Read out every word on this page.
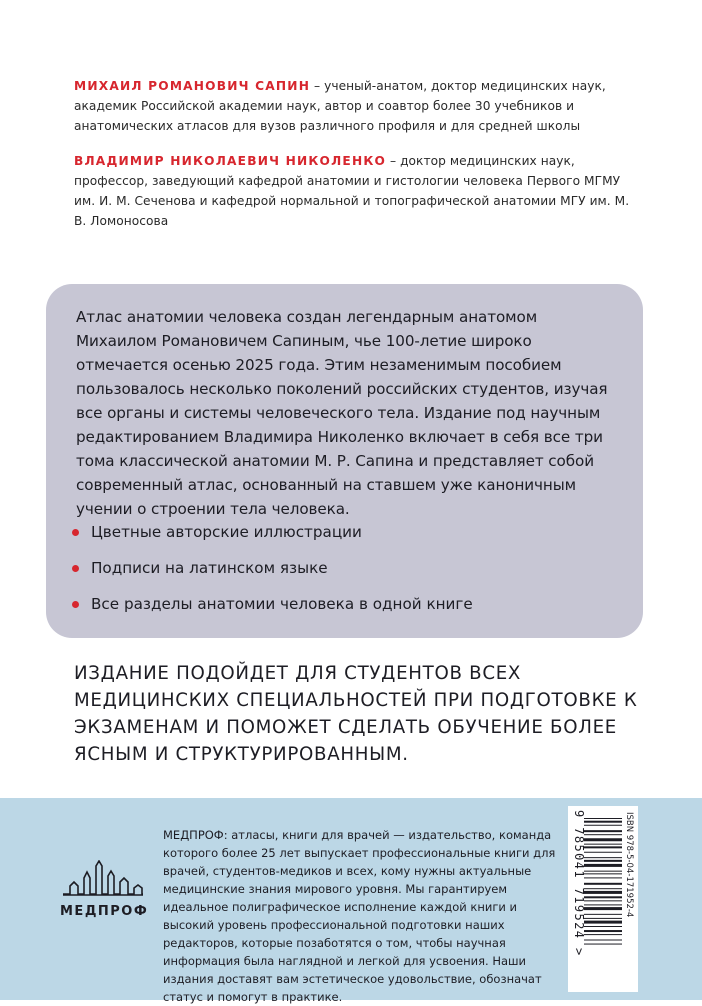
МИХАИЛ РОМАНОВИЧ САПИН – ученый-анатом, доктор медицинских наук, академик Российской академии наук, автор и соавтор более 30 учебников и анатомических атласов для вузов различного профиля и для средней школы

ВЛАДИМИР НИКОЛАЕВИЧ НИКОЛЕНКО – доктор медицинских наук, профессор, заведующий кафедрой анатомии и гистологии человека Первого МГМУ им. И. М. Сеченова и кафедрой нормальной и топографической анатомии МГУ им. М. В. Ломоносова

Атлас анатомии человека создан легендарным анатомом Михаилом Романовичем Сапиным, чье 100-летие широко отмечается осенью 2025 года. Этим незаменимым пособием пользовалось несколько поколений российских студентов, изучая все органы и системы человеческого тела. Издание под научным редактированием Владимира Николенко включает в себя все три тома классической анатомии М. Р. Сапина и представляет собой современный атлас, основанный на ставшем уже каноничным учении о строении тела человека.

Цветные авторские иллюстрации
Подписи на латинском языке
Все разделы анатомии человека в одной книге

ИЗДАНИЕ ПОДОЙДЕТ ДЛЯ СТУДЕНТОВ ВСЕХ МЕДИЦИНСКИХ СПЕЦИАЛЬНОСТЕЙ ПРИ ПОДГОТОВКЕ К ЭКЗАМЕНАМ И ПОМОЖЕТ СДЕЛАТЬ ОБУЧЕНИЕ БОЛЕЕ ЯСНЫМ И СТРУКТУРИРОВАННЫМ.

МЕДПРОФ

МЕДПРОФ: атласы, книги для врачей — издательство, команда которого более 25 лет выпускает профессиональные книги для врачей, студентов-медиков и всех, кому нужны актуальные медицинские знания мирового уровня. Мы гарантируем идеальное полиграфическое исполнение каждой книги и высокий уровень профессиональной подготовки наших редакторов, которые позаботятся о том, чтобы научная информация была наглядной и легкой для усвоения. Наши издания доставят вам эстетическое удовольствие, обозначат статус и помогут в практике.

ISBN 978-5-04-171952-4
9 785041 719524 >
